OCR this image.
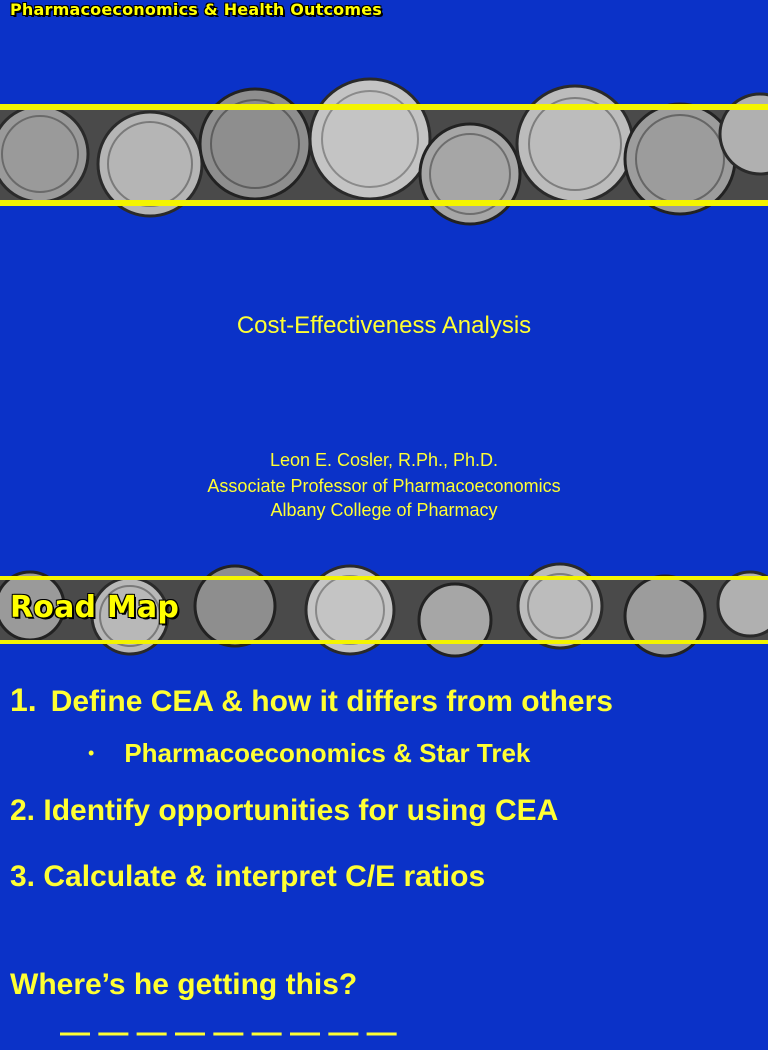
Pharmacoeconomics & Health Outcomes
Cost-Effectiveness Analysis
Leon E. Cosler, R.Ph., Ph.D.
Associate Professor of Pharmacoeconomics
Albany College of Pharmacy
Road Map
1. Define CEA & how it differs from others
• Pharmacoeconomics & Star Trek
2. Identify opportunities for using CEA
3. Calculate & interpret C/E ratios
Where’s he getting this?
— — — — — — — — —
